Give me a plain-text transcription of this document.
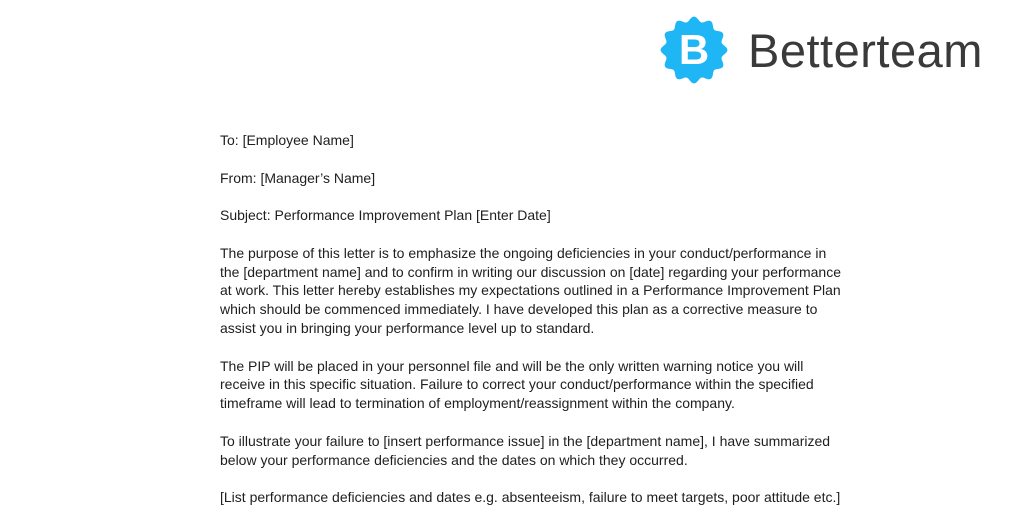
B Betterteam

To: [Employee Name]

From: [Manager’s Name]

Subject: Performance Improvement Plan [Enter Date]

The purpose of this letter is to emphasize the ongoing deficiencies in your conduct/performance in
the [department name] and to confirm in writing our discussion on [date] regarding your performance
at work. This letter hereby establishes my expectations outlined in a Performance Improvement Plan
which should be commenced immediately. I have developed this plan as a corrective measure to
assist you in bringing your performance level up to standard.

The PIP will be placed in your personnel file and will be the only written warning notice you will
receive in this specific situation. Failure to correct your conduct/performance within the specified
timeframe will lead to termination of employment/reassignment within the company.

To illustrate your failure to [insert performance issue] in the [department name], I have summarized
below your performance deficiencies and the dates on which they occurred.

[List performance deficiencies and dates e.g. absenteeism, failure to meet targets, poor attitude etc.]
